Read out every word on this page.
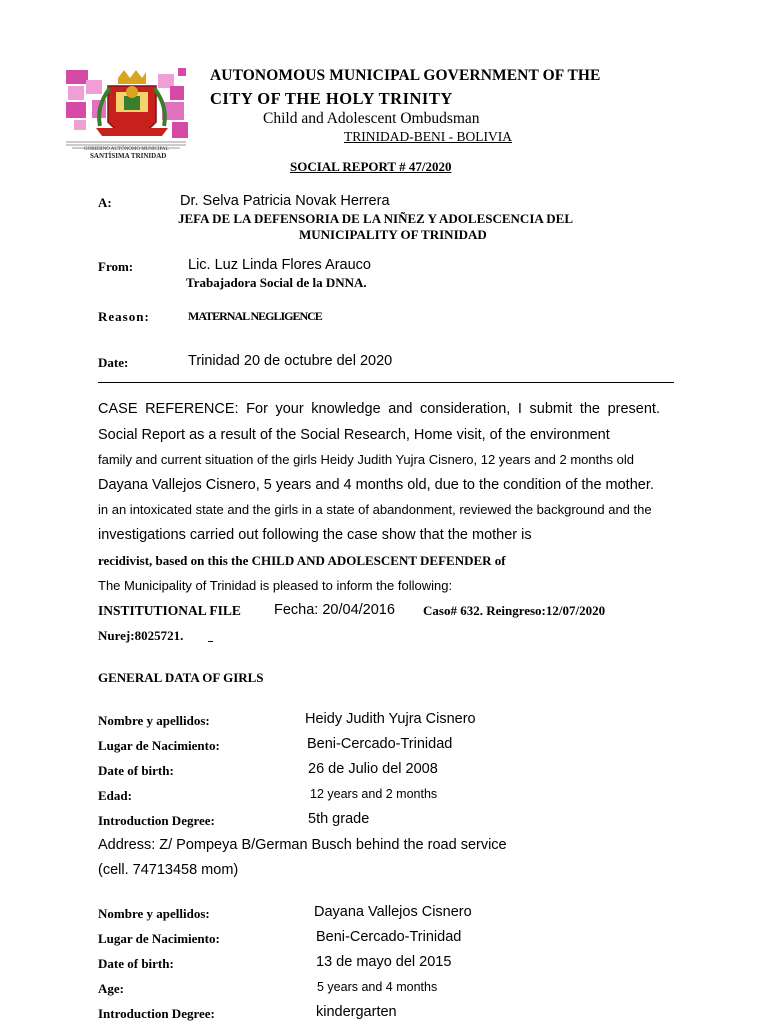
GOBIERNO AUTÓNOMO MUNICIPAL
SANTÍSIMA TRINIDAD
AUTONOMOUS MUNICIPAL GOVERNMENT OF THE
CITY OF THE HOLY TRINITY
Child and Adolescent Ombudsman
TRINIDAD-BENI - BOLIVIA
SOCIAL REPORT # 47/2020
A:	Dr. Selva Patricia Novak Herrera
JEFA DE LA DEFENSORIA DE LA NIÑEZ Y ADOLESCENCIA DEL
MUNICIPALITY OF TRINIDAD
From:	Lic. Luz Linda Flores Arauco
Trabajadora Social de la DNNA.
Reason:	MATERNAL NEGLIGENCE
Date:	Trinidad 20 de octubre del 2020
CASE REFERENCE: For your knowledge and consideration, I submit the present.
Social Report as a result of the Social Research, Home visit, of the environment
family and current situation of the girls Heidy Judith Yujra Cisnero, 12 years and 2 months old
Dayana Vallejos Cisnero, 5 years and 4 months old, due to the condition of the mother.
in an intoxicated state and the girls in a state of abandonment, reviewed the background and the
investigations carried out following the case show that the mother is
recidivist, based on this the CHILD AND ADOLESCENT DEFENDER of
The Municipality of Trinidad is pleased to inform the following:
INSTITUTIONAL FILE Fecha: 20/04/2016 Caso# 632. Reingreso:12/07/2020
Nurej:8025721.
GENERAL DATA OF GIRLS
Nombre y apellidos:	Heidy Judith Yujra Cisnero
Lugar de Nacimiento:	Beni-Cercado-Trinidad
Date of birth:	26 de Julio del 2008
Edad:	12 years and 2 months
Introduction Degree:	5th grade
Address: Z/ Pompeya B/German Busch behind the road service
(cell. 74713458 mom)
Nombre y apellidos:	Dayana Vallejos Cisnero
Lugar de Nacimiento:	Beni-Cercado-Trinidad
Date of birth:	13 de mayo del 2015
Age:	5 years and 4 months
Introduction Degree:	kindergarten
